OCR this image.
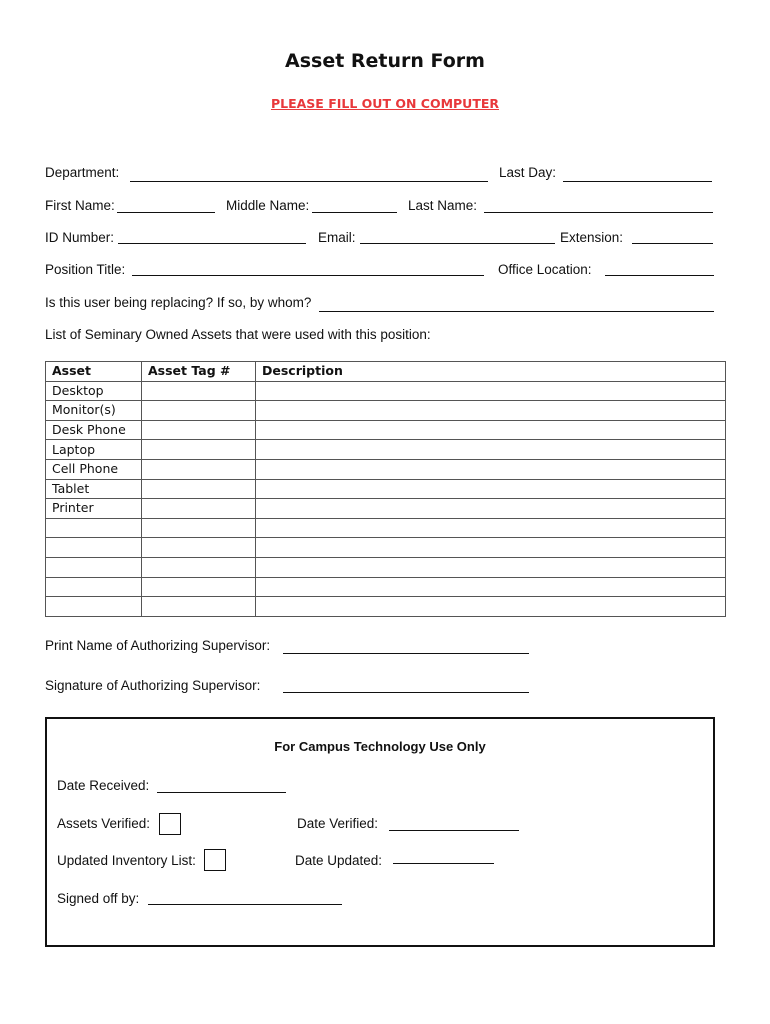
Asset Return Form
PLEASE FILL OUT ON COMPUTER
Department:	Last Day:
First Name:	Middle Name:	Last Name:
ID Number:	Email:	Extension:
Position Title:	Office Location:
Is this user being replacing? If so, by whom?
List of Seminary Owned Assets that were used with this position:
Asset	Asset Tag #	Description
Desktop		
Monitor(s)		
Desk Phone		
Laptop		
Cell Phone		
Tablet		
Printer		

Print Name of Authorizing Supervisor:
Signature of Authorizing Supervisor:
For Campus Technology Use Only
Date Received:
Assets Verified:	Date Verified:
Updated Inventory List:	Date Updated:
Signed off by:
